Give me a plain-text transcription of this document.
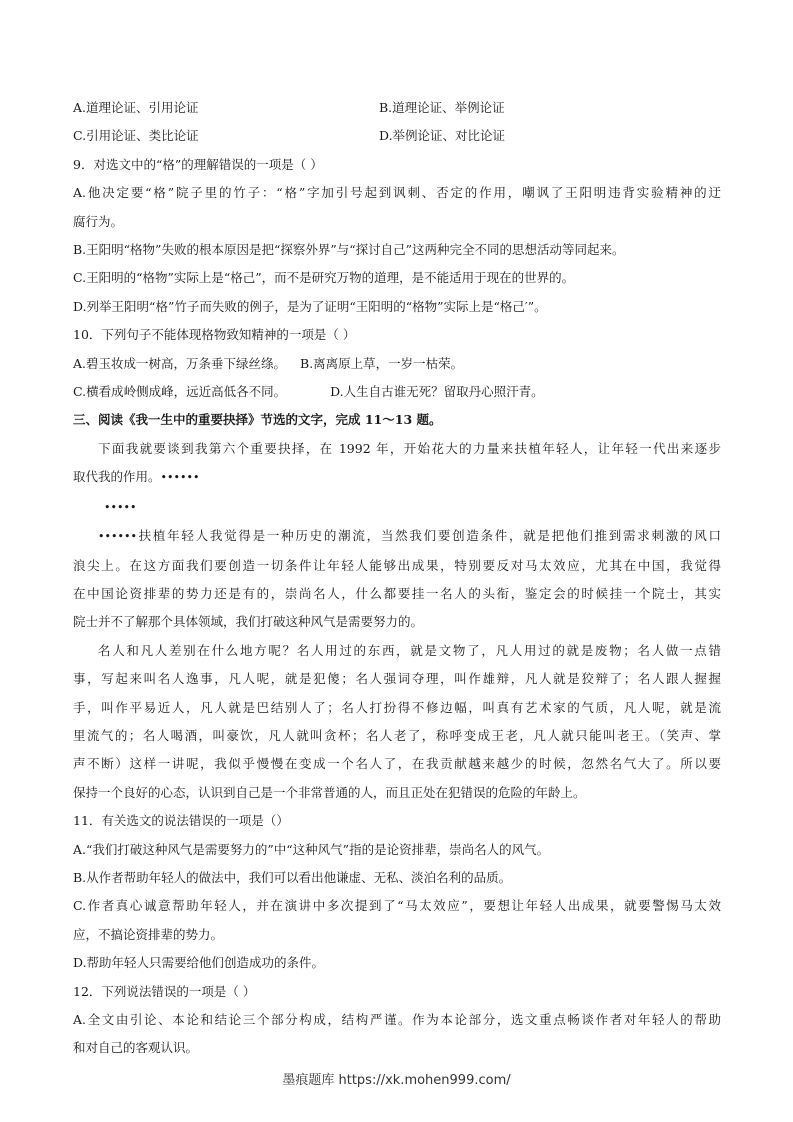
A.道理论证、引用论证	B.道理论证、举例论证
C.引用论证、类比论证	D.举例论证、对比论证

9．对选文中的“格”的理解错误的一项是（ ）

A.他决定要“格”院子里的竹子：“格”字加引号起到讽刺、否定的作用，嘲讽了王阳明违背实验精神的迂

腐行为。

B.王阳明“格物”失败的根本原因是把“探察外界”与“探讨自己”这两种完全不同的思想活动等同起来。

C.王阳明的“格物”实际上是“格己”，而不是研究万物的道理，是不能适用于现在的世界的。

D.列举王阳明“格”竹子而失败的例子，是为了证明“王阳明的“格物”实际上是“格己′”。

10．下列句子不能体现格物致知精神的一项是（ ）

A.碧玉妆成一树高，万条垂下绿丝绦。 B.离离原上草，一岁一枯荣。

C.横看成岭侧成峰，远近高低各不同。	D.人生自古谁无死？留取丹心照汗青。

三、阅读《我一生中的重要抉择》节选的文字，完成 11～13 题。

下面我就要谈到我第六个重要抉择，在 1992 年，开始花大的力量来扶植年轻人，让年轻一代出来逐步

取代我的作用。••••••

•••••

••••••扶植年轻人我觉得是一种历史的潮流，当然我们要创造条件，就是把他们推到需求刺激的风口

浪尖上。在这方面我们要创造一切条件让年轻人能够出成果，特别要反对马太效应，尤其在中国，我觉得

在中国论资排辈的势力还是有的，崇尚名人，什么都要挂一名人的头衔，鉴定会的时候挂一个院士，其实

院士并不了解那个具体领域，我们打破这种风气是需要努力的。

名人和凡人差别在什么地方呢？名人用过的东西，就是文物了，凡人用过的就是废物；名人做一点错

事，写起来叫名人逸事，凡人呢，就是犯傻；名人强词夺理，叫作雄辩，凡人就是狡辩了；名人跟人握握

手，叫作平易近人，凡人就是巴结别人了；名人打扮得不修边幅，叫真有艺术家的气质，凡人呢，就是流

里流气的；名人喝酒，叫豪饮，凡人就叫贪杯；名人老了，称呼变成王老，凡人就只能叫老王。（笑声、掌

声不断）这样一讲呢，我似乎慢慢在变成一个名人了，在我贡献越来越少的时候，忽然名气大了。所以要

保持一个良好的心态，认识到自己是一个非常普通的人，而且正处在犯错误的危险的年龄上。

11．有关选文的说法错误的一项是（）

A.“我们打破这种风气是需要努力的”中“这种风气”指的是论资排辈，崇尚名人的风气。

B.从作者帮助年轻人的做法中，我们可以看出他谦虚、无私、淡泊名利的品质。

C.作者真心诚意帮助年轻人，并在演讲中多次提到了“马太效应”，要想让年轻人出成果，就要警惕马太效

应，不搞论资排辈的势力。

D.帮助年轻人只需要给他们创造成功的条件。

12．下列说法错误的一项是（ ）

A.全文由引论、本论和结论三个部分构成，结构严谨。作为本论部分，选文重点畅谈作者对年轻人的帮助

和对自己的客观认识。

墨痕题库 https://xk.mohen999.com/
